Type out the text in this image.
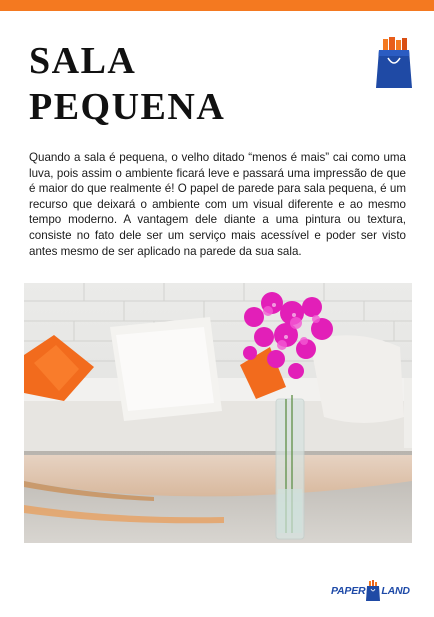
SALA
PEQUENA

Quando a sala é pequena, o velho ditado “menos é mais” cai como uma luva, pois assim o ambiente ficará leve e passará uma impressão de que é maior do que realmente é! O papel de parede para sala pequena, é um recurso que deixará o ambiente com um visual diferente e ao mesmo tempo moderno. A vantagem dele diante a uma pintura ou textura, consiste no fato dele ser um serviço mais acessível e poder ser visto antes mesmo de ser aplicado na parede da sua sala.

PAPER LAND
